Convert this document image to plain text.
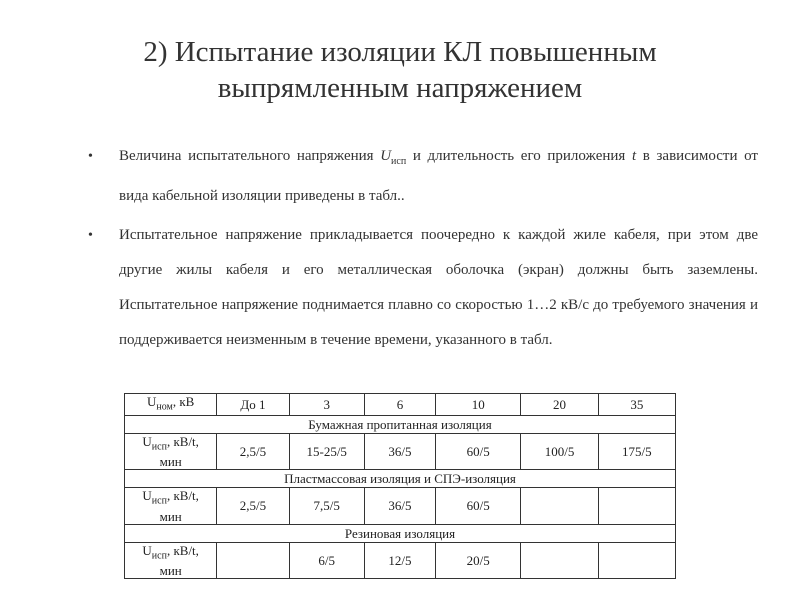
2) Испытание изоляции КЛ повышенным
выпрямленным напряжением
• Величина испытательного напряжения $U_{исп}$ и длительность его приложения t в зависимости от вида кабельной изоляции приведены в табл..
• Испытательное напряжение прикладывается поочередно к каждой жиле кабеля, при этом две другие жилы кабеля и его металлическая оболочка (экран) должны быть заземлены. Испытательное напряжение поднимается плавно со скоростью 1…2 кВ/с до требуемого значения и поддерживается неизменным в течение времени, указанного в табл.
$U_{ном}$, кВ	До 1	3	6	10	20	35
Бумажная пропитанная изоляция						
$U_{исп}$, кВ/t,
мин	2,5/5	15-25/5	36/5	60/5	100/5	175/5
Пластмассовая изоляция и СПЭ-изоляция						
$U_{исп}$, кВ/t,
мин	2,5/5	7,5/5	36/5	60/5		
Резиновая изоляция						
$U_{исп}$, кВ/t,
мин		6/5	12/5	20/5		
